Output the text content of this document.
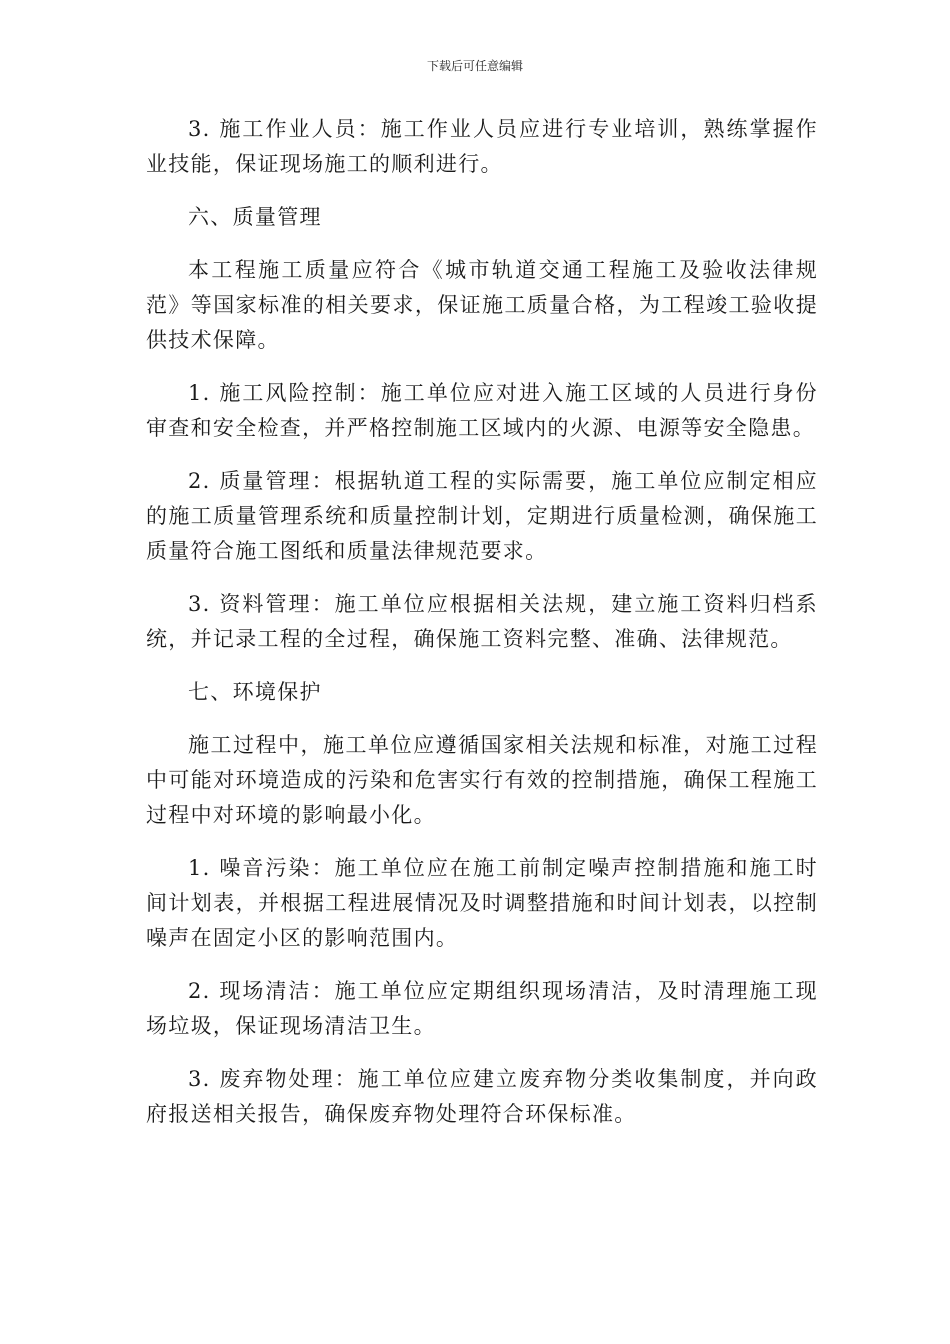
下载后可任意编辑

3. 施工作业人员：施工作业人员应进行专业培训，熟练掌握作业技能，保证现场施工的顺利进行。

六、质量管理

本工程施工质量应符合《城市轨道交通工程施工及验收法律规范》等国家标准的相关要求，保证施工质量合格，为工程竣工验收提供技术保障。

1. 施工风险控制：施工单位应对进入施工区域的人员进行身份审查和安全检查，并严格控制施工区域内的火源、电源等安全隐患。

2. 质量管理：根据轨道工程的实际需要，施工单位应制定相应的施工质量管理系统和质量控制计划，定期进行质量检测，确保施工质量符合施工图纸和质量法律规范要求。

3. 资料管理：施工单位应根据相关法规，建立施工资料归档系统，并记录工程的全过程，确保施工资料完整、准确、法律规范。

七、环境保护

施工过程中，施工单位应遵循国家相关法规和标准，对施工过程中可能对环境造成的污染和危害实行有效的控制措施，确保工程施工过程中对环境的影响最小化。

1. 噪音污染：施工单位应在施工前制定噪声控制措施和施工时间计划表，并根据工程进展情况及时调整措施和时间计划表，以控制噪声在固定小区的影响范围内。

2. 现场清洁：施工单位应定期组织现场清洁，及时清理施工现场垃圾，保证现场清洁卫生。

3. 废弃物处理：施工单位应建立废弃物分类收集制度，并向政府报送相关报告，确保废弃物处理符合环保标准。
